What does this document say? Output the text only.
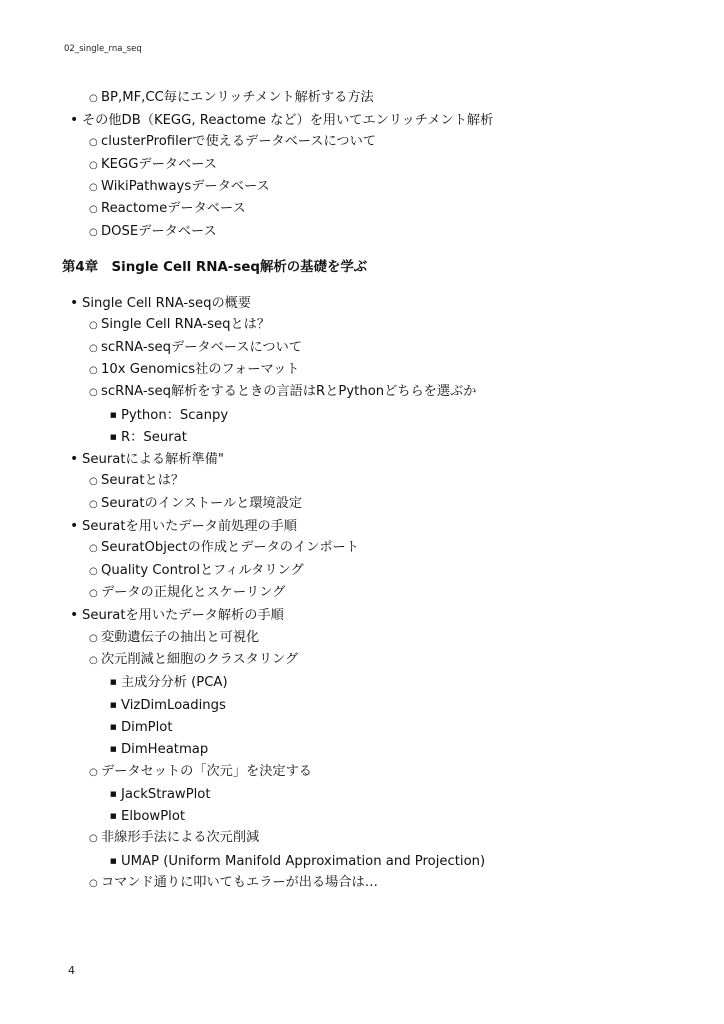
02_single_rna_seq
○ BP,MF,CC毎にエンリッチメント解析する方法
• その他DB（KEGG, Reactome など）を用いてエンリッチメント解析
○ clusterProfilerで使えるデータベースについて
○ KEGGデータベース
○ WikiPathwaysデータベース
○ Reactomeデータベース
○ DOSEデータベース
第4章　Single Cell RNA-seq解析の基礎を学ぶ
• Single Cell RNA-seqの概要
○ Single Cell RNA-seqとは？
○ scRNA-seqデータベースについて
○ 10x Genomics社のフォーマット
○ scRNA-seq解析をするときの言語はRとPythonどちらを選ぶか
■ Python：Scanpy
■ R：Seurat
• Seuratによる解析準備"
○ Seuratとは？
○ Seuratのインストールと環境設定
• Seuratを用いたデータ前処理の手順
○ SeuratObjectの作成とデータのインポート
○ Quality Controlとフィルタリング
○ データの正規化とスケーリング
• Seuratを用いたデータ解析の手順
○ 変動遺伝子の抽出と可視化
○ 次元削減と細胞のクラスタリング
■ 主成分分析 (PCA)
■ VizDimLoadings
■ DimPlot
■ DimHeatmap
○ データセットの「次元」を決定する
■ JackStrawPlot
■ ElbowPlot
○ 非線形手法による次元削減
■ UMAP (Uniform Manifold Approximation and Projection)
○ コマンド通りに叩いてもエラーが出る場合は…
4
